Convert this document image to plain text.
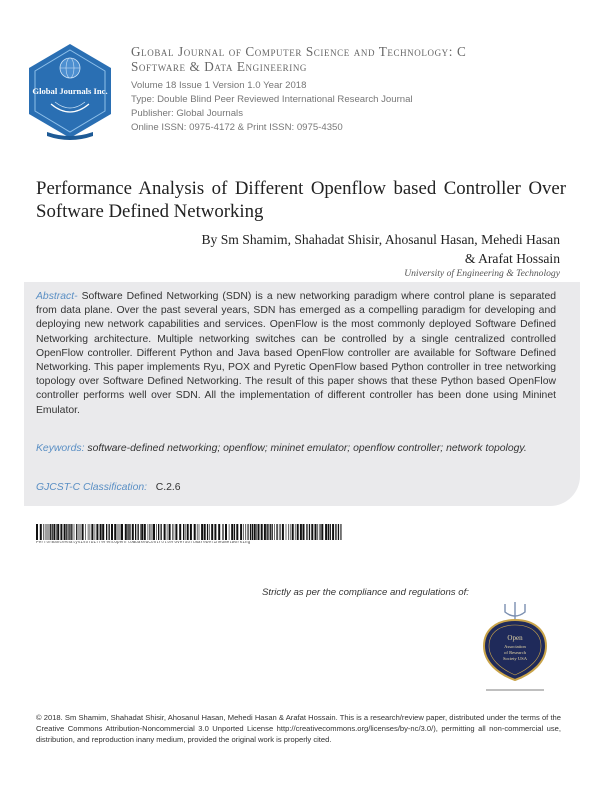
Global Journals Inc.
Global Journal of Computer Science and Technology: C
Software & Data Engineering
Volume 18 Issue 1 Version 1.0 Year 2018
Type: Double Blind Peer Reviewed International Research Journal
Publisher: Global Journals
Online ISSN: 0975-4172 & Print ISSN: 0975-4350
Performance Analysis of Different Openflow based Controller Over Software Defined Networking
By Sm Shamim, Shahadat Shisir, Ahosanul Hasan, Mehedi Hasan
& Arafat Hossain
University of Engineering & Technology
Abstract- Software Defined Networking (SDN) is a new networking paradigm where control plane is separated from data plane. Over the past several years, SDN has emerged as a compelling paradigm for developing and deploying new network capabilities and services. OpenFlow is the most commonly deployed Software Defined Networking architecture. Multiple networking switches can be controlled by a single centralized controlled OpenFlow controller. Different Python and Java based OpenFlow controller are available for Software Defined Networking. This paper implements Ryu, POX and Pyretic OpenFlow based Python controller in tree networking topology over Software Defined Networking. The result of this paper shows that these Python based OpenFlow controller performs well over SDN. All the implementation of different controller has been done using Mininet Emulator.
Keywords: software-defined networking; openflow; mininet emulator; openflow controller; network topology.
GJCST-C Classification: C.2.6
PerformanceAnalysisofDifferentOpenflowbasedControllerOverSoftwareDefinedNetworking
Strictly as per the compliance and regulations of:
Open
Association
of Research
Society USA
© 2018. Sm Shamim, Shahadat Shisir, Ahosanul Hasan, Mehedi Hasan & Arafat Hossain. This is a research/review paper, distributed under the terms of the Creative Commons Attribution-Noncommercial 3.0 Unported License http://creativecommons.org/licenses/by-nc/3.0/), permitting all non-commercial use, distribution, and reproduction inany medium, provided the original work is properly cited.
